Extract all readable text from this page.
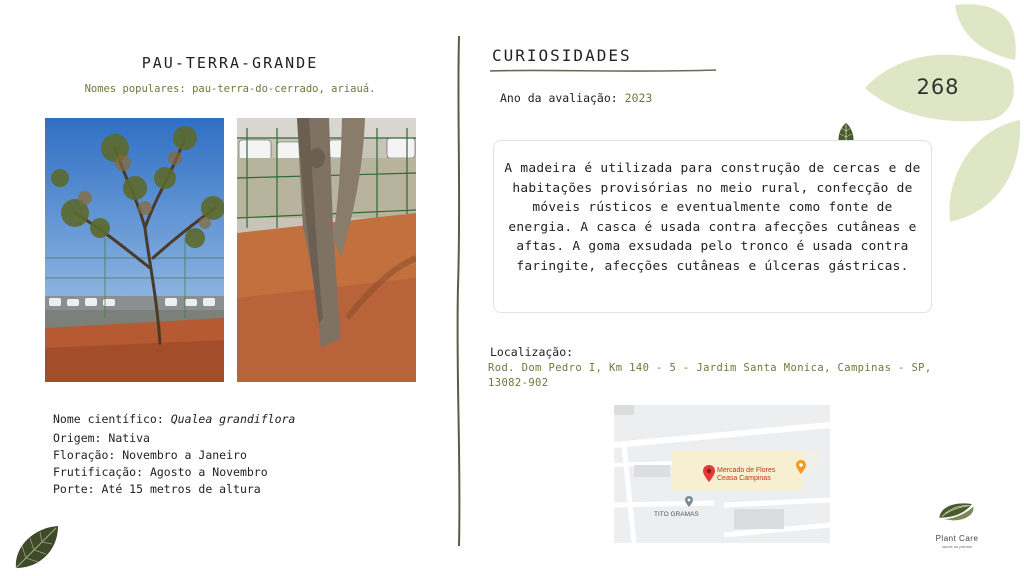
PAU-TERRA-GRANDE
Nomes populares: pau-terra-do-cerrado, ariauá.
Nome científico: Qualea grandiflora
Origem: Nativa
Floração: Novembro a Janeiro
Frutificação: Agosto a Novembro
Porte: Até 15 metros de altura
CURIOSIDADES
Ano da avaliação: 2023

A madeira é utilizada para construção de cercas e de habitações provisórias no meio rural, confecção de móveis rústicos e eventualmente como fonte de energia. A casca é usada contra afecções cutâneas e aftas. A goma exsudada pelo tronco é usada contra faringite, afecções cutâneas e úlceras gástricas.

Localização:
Rod. Dom Pedro I, Km 140 - 5 - Jardim Santa Monica, Campinas - SP, 13082-902
Mercado de Flores
Ceasa Campinas
TITO GRAMAS
268
Plant Care
saúde as plantas
